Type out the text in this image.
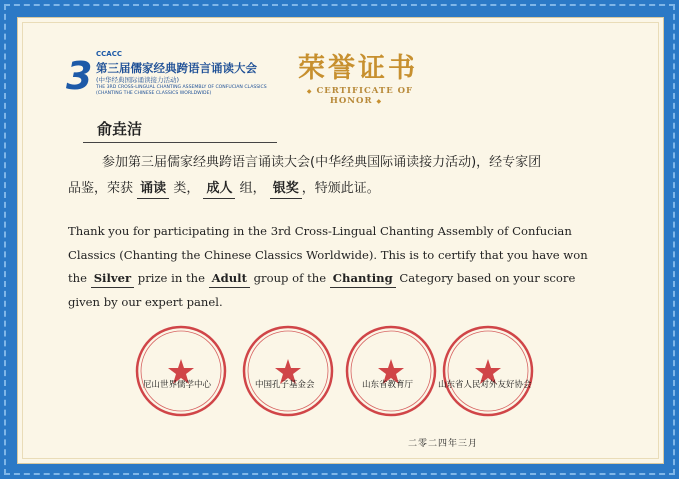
3 CCACC
第三届儒家经典跨语言诵读大会
(中华经典国际诵读接力活动)
THE 3RD CROSS-LINGUAL CHANTING ASSEMBLY OF CONFUCIAN CLASSICS
(CHANTING THE CHINESE CLASSICS WORLDWIDE)
荣誉证书
◆ CERTIFICATE OF HONOR ◆
俞垚洁
参加第三届儒家经典跨语言诵读大会(中华经典国际诵读接力活动)，经专家团
品鉴，荣获 诵读 类， 成人 组， 银奖 ，特颁此证。
Thank you for participating in the 3rd Cross-Lingual Chanting Assembly of Confucian
Classics (Chanting the Chinese Classics Worldwide). This is to certify that you have won
the Silver prize in the Adult group of the Chanting Category based on your score
given by our expert panel.
尼山世界儒学中心	中国孔子基金会	山东省教育厅	山东省人民对外友好协会
二零二四年三月
